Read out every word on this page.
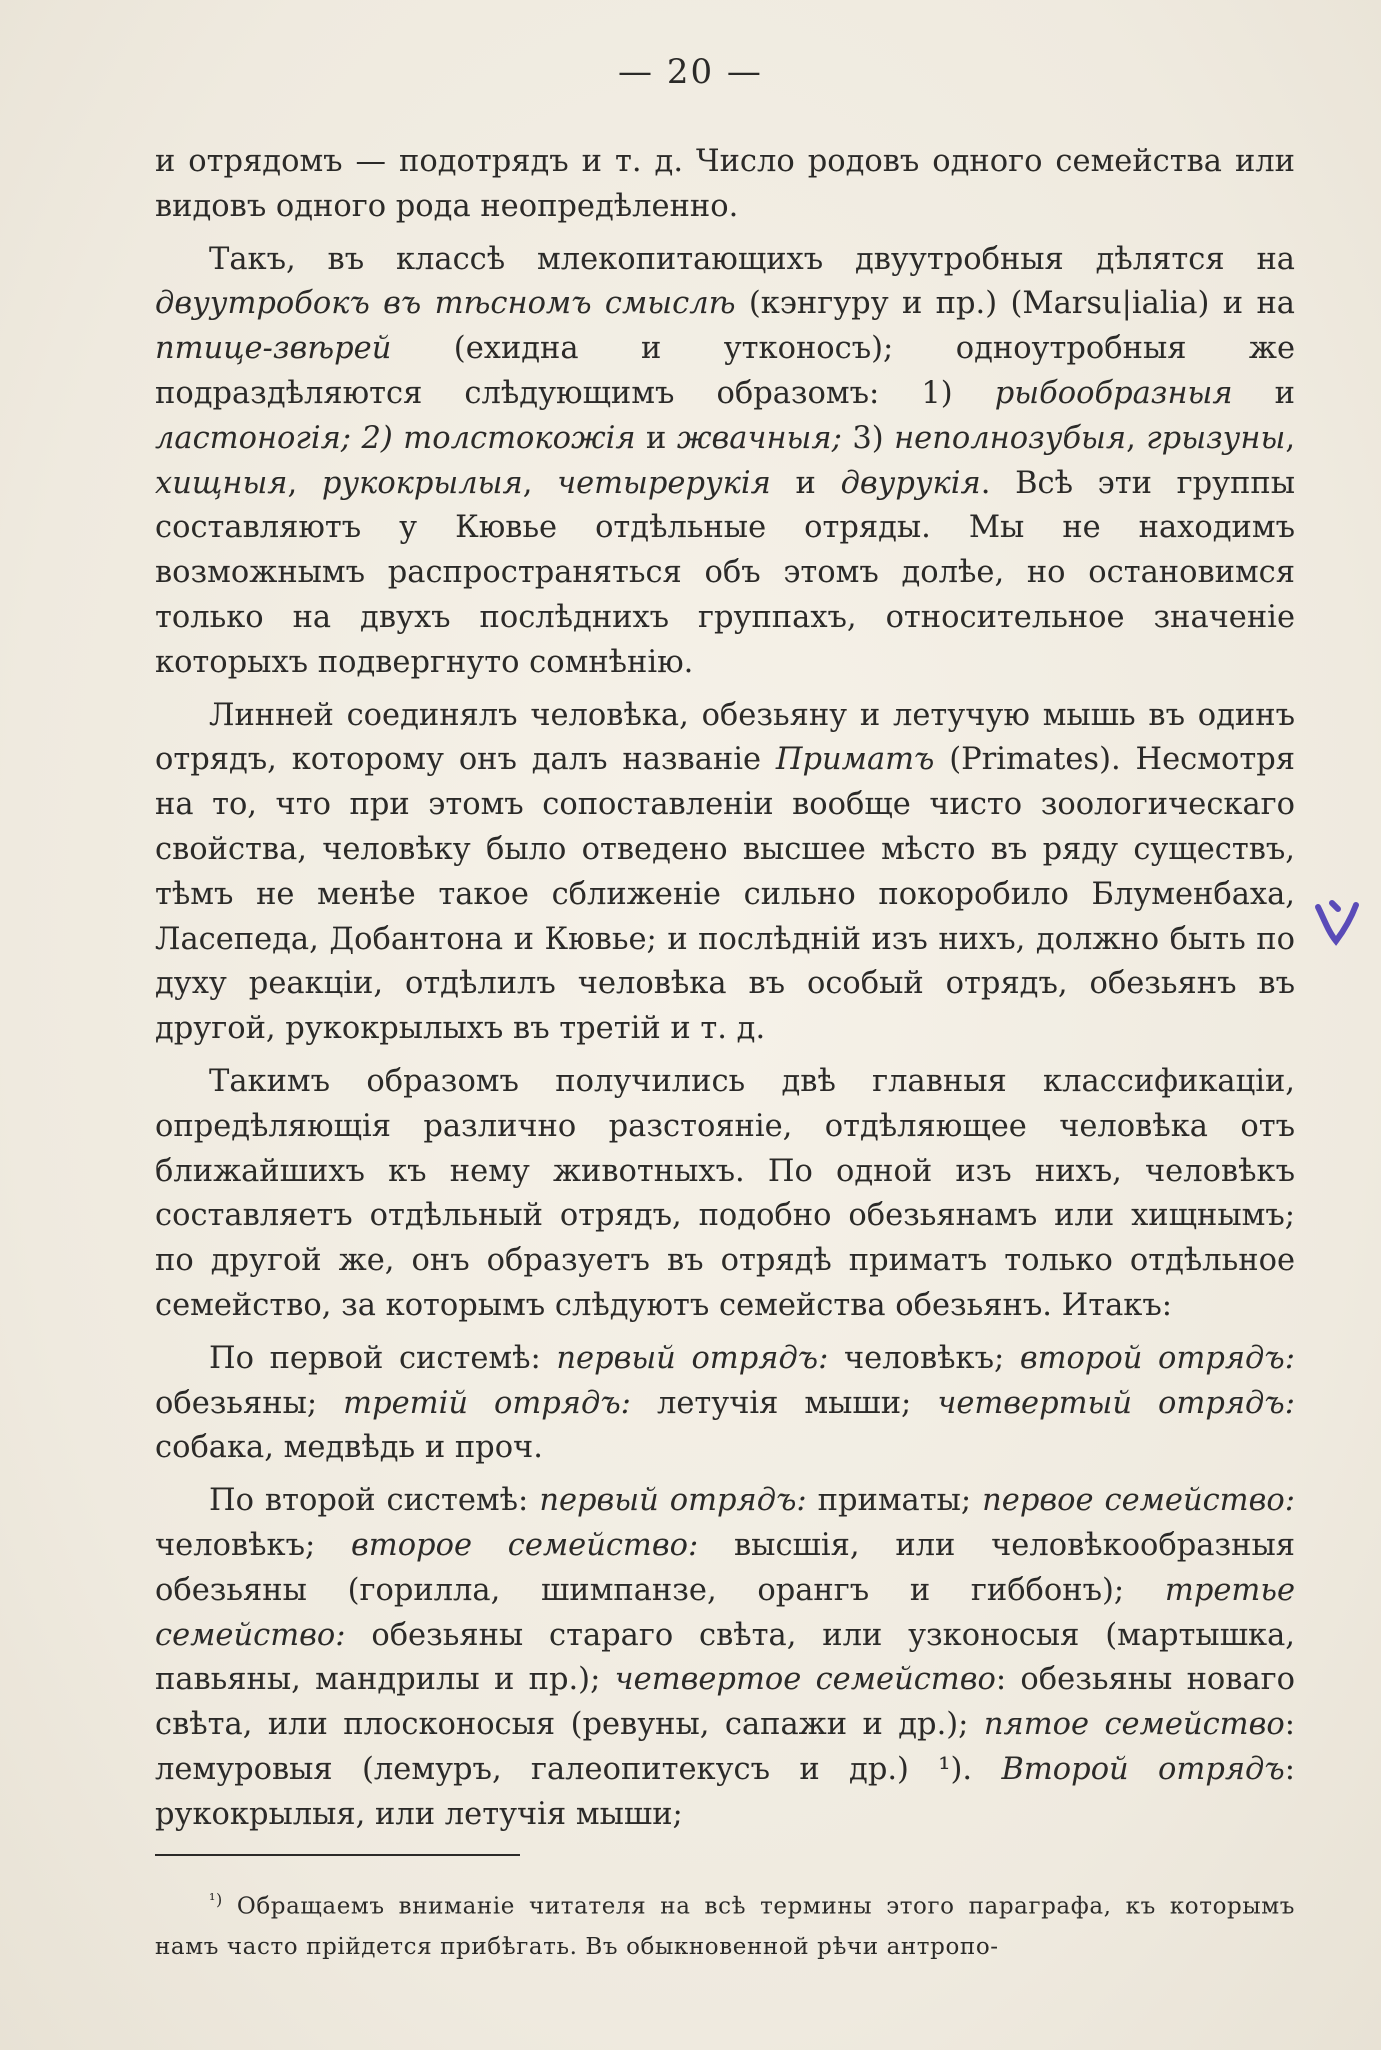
— 20 —

и отрядомъ — подотрядъ и т. д. Число родовъ одного семейства или видовъ одного рода неопредѣленно.

Такъ, въ классѣ млекопитающихъ двуутробныя дѣлятся на двуутробокъ въ тѣсномъ смыслѣ (кэнгуру и пр.) (Marsu|ialia) и на птице-звѣрей (ехидна и утконосъ); одноутробныя же подраздѣляются слѣдующимъ образомъ: 1) рыбообразныя и ластоногія; 2) толстокожія и жвачныя; 3) неполнозубыя, грызуны, хищныя, рукокрылыя, четырерукія и двурукія. Всѣ эти группы составляютъ у Кювье отдѣльные отряды. Мы не находимъ возможнымъ распространяться объ этомъ долѣе, но остановимся только на двухъ послѣднихъ группахъ, относительное значеніе которыхъ подвергнуто сомнѣнію.

Линней соединялъ человѣка, обезьяну и летучую мышь въ одинъ отрядъ, которому онъ далъ названіе Приматъ (Primates). Несмотря на то, что при этомъ сопоставленіи вообще чисто зоологическаго свойства, человѣку было отведено высшее мѣсто въ ряду существъ, тѣмъ не менѣе такое сближеніе сильно покоробило Блуменбаха, Ласепеда, Добантона и Кювье; и послѣдній изъ нихъ, должно быть по духу реакціи, отдѣлилъ человѣка въ особый отрядъ, обезьянъ въ другой, рукокрылыхъ въ третій и т. д.

Такимъ образомъ получились двѣ главныя классификаціи, опредѣляющія различно разстояніе, отдѣляющее человѣка отъ ближайшихъ къ нему животныхъ. По одной изъ нихъ, человѣкъ составляетъ отдѣльный отрядъ, подобно обезьянамъ или хищнымъ; по другой же, онъ образуетъ въ отрядѣ приматъ только отдѣльное семейство, за которымъ слѣдуютъ семейства обезьянъ. Итакъ:

По первой системѣ: первый отрядъ: человѣкъ; второй отрядъ: обезьяны; третій отрядъ: летучія мыши; четвертый отрядъ: собака, медвѣдь и проч.

По второй системѣ: первый отрядъ: приматы; первое семейство: человѣкъ; второе семейство: высшія, или человѣкообразныя обезьяны (горилла, шимпанзе, орангъ и гиббонъ); третье семейство: обезьяны стараго свѣта, или узконосыя (мартышка, павьяны, мандрилы и пр.); четвертое семейство: обезьяны новаго свѣта, или плосконосыя (ревуны, сапажи и др.); пятое семейство: лемуровыя (лемуръ, галеопитекусъ и др.) ¹). Второй отрядъ: рукокрылыя, или летучія мыши;

$^{^1)}$ Обращаемъ вниманіе читателя на всѣ термины этого параграфа, къ которымъ намъ часто прійдется прибѣгать. Въ обыкновенной рѣчи антропо-
